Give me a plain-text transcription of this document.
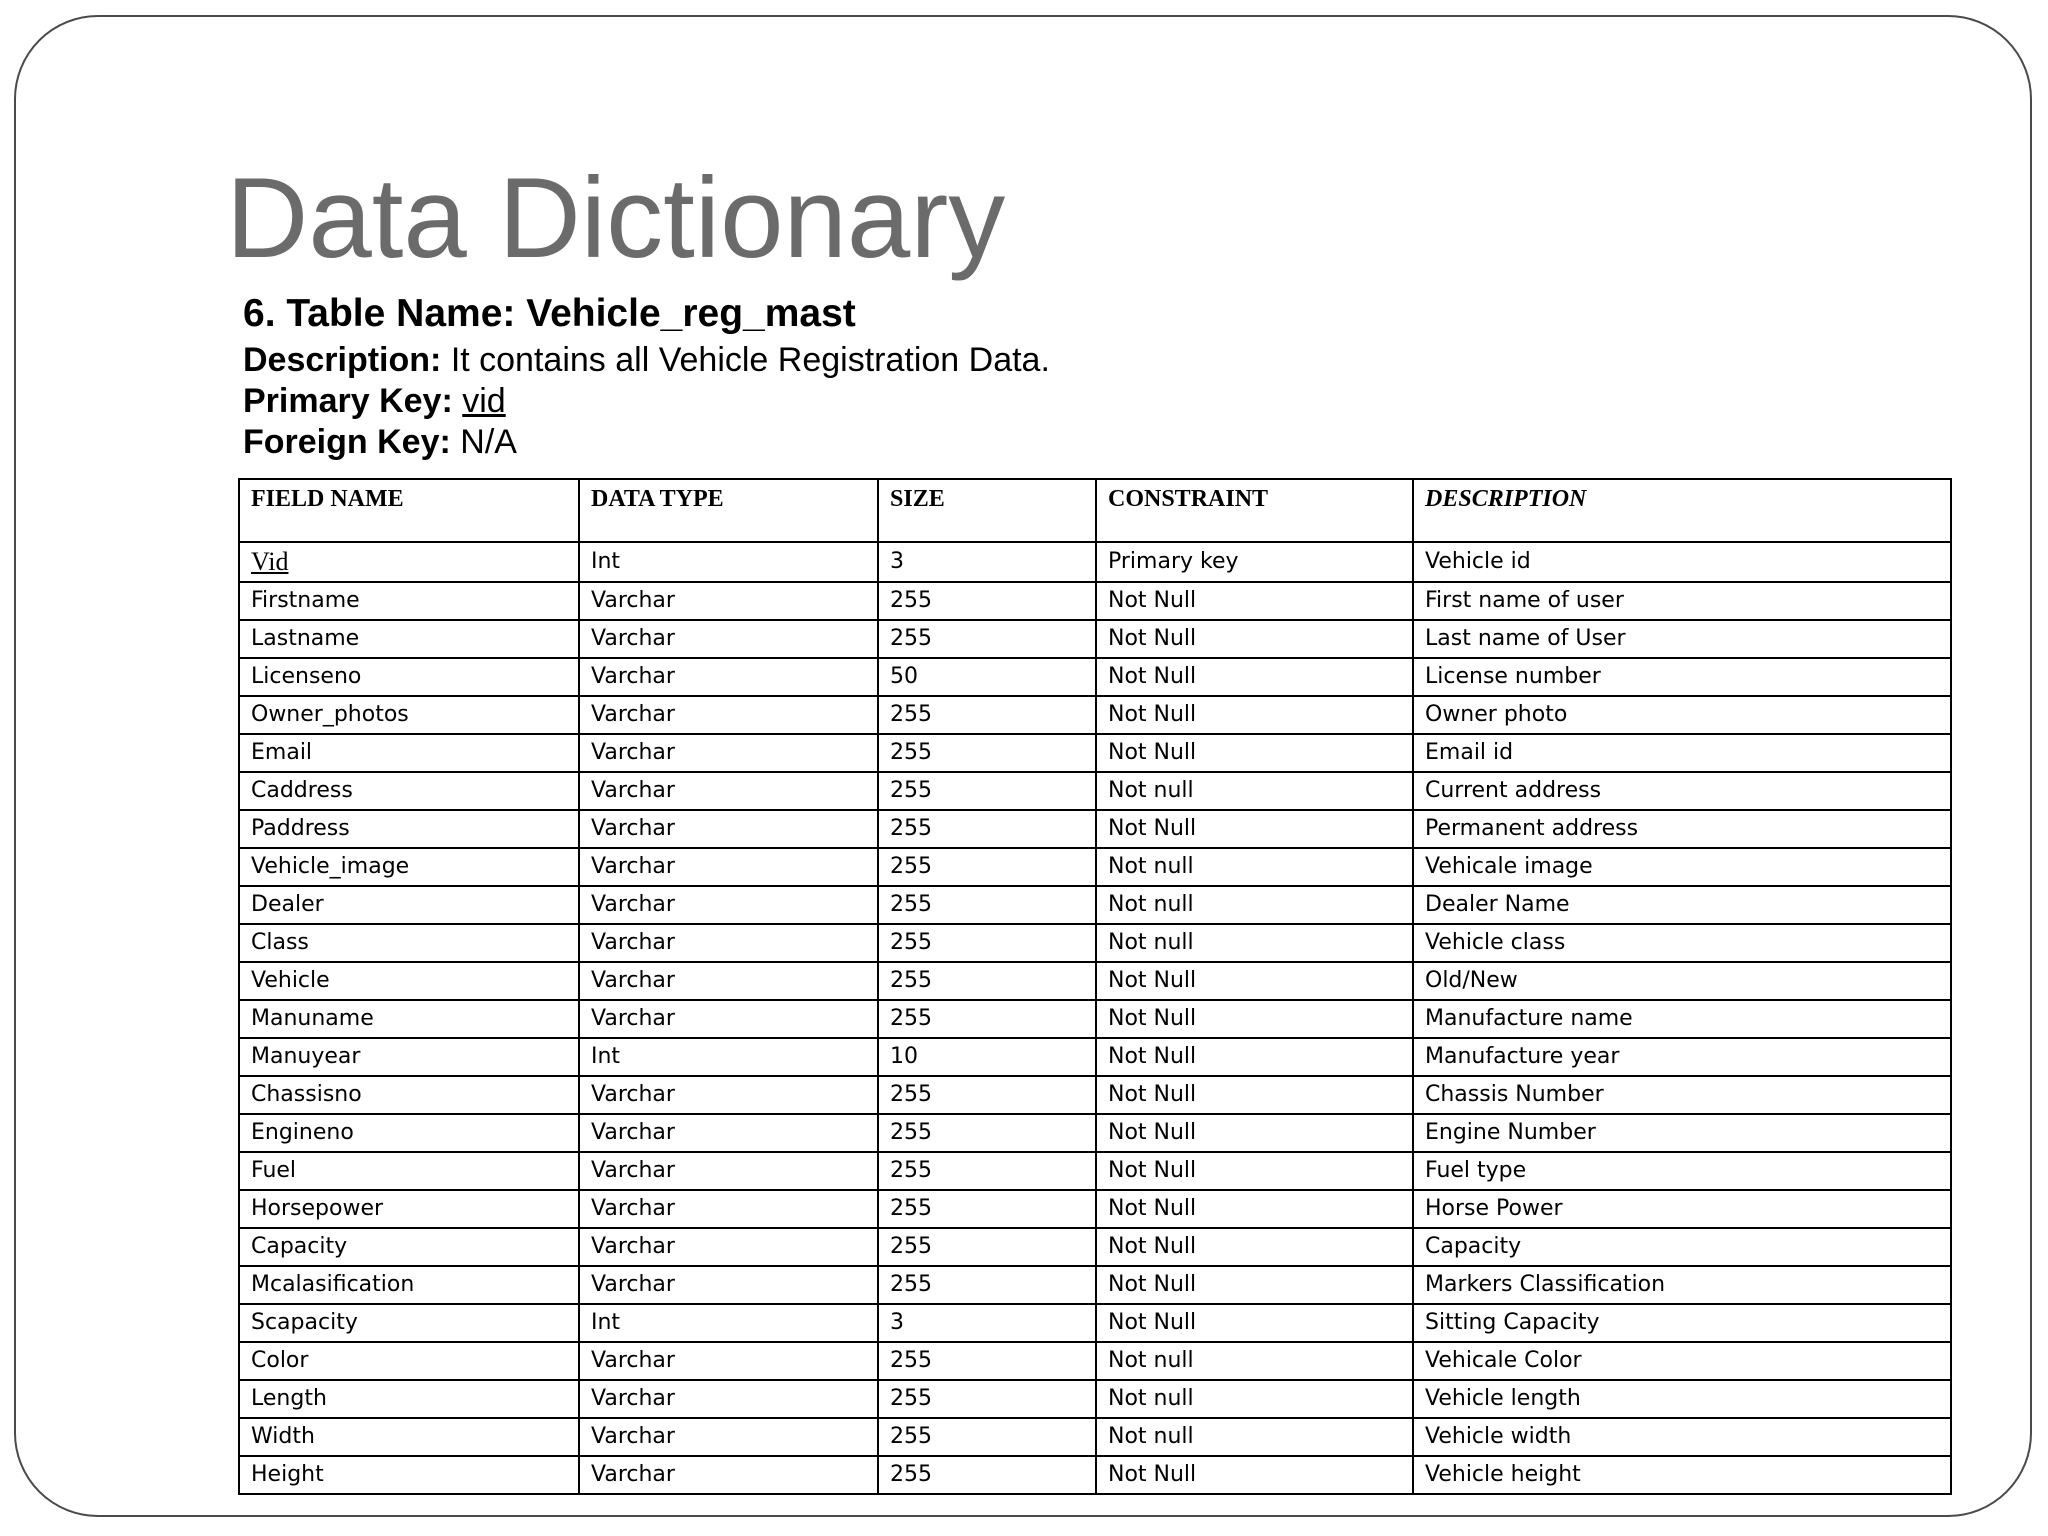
Data Dictionary
6. Table Name: Vehicle_reg_mast
Description: It contains all Vehicle Registration Data.
Primary Key: vid
Foreign Key: N/A
FIELD NAME	DATA TYPE	SIZE	CONSTRAINT	DESCRIPTION
Vid	Int	3	Primary key	Vehicle id
Firstname	Varchar	255	Not Null	First name of user
Lastname	Varchar	255	Not Null	Last name of User
Licenseno	Varchar	50	Not Null	License number
Owner_photos	Varchar	255	Not Null	Owner photo
Email	Varchar	255	Not Null	Email id
Caddress	Varchar	255	Not null	Current address
Paddress	Varchar	255	Not Null	Permanent address
Vehicle_image	Varchar	255	Not null	Vehicale image
Dealer	Varchar	255	Not null	Dealer Name
Class	Varchar	255	Not null	Vehicle class
Vehicle	Varchar	255	Not Null	Old/New
Manuname	Varchar	255	Not Null	Manufacture name
Manuyear	Int	10	Not Null	Manufacture year
Chassisno	Varchar	255	Not Null	Chassis Number
Engineno	Varchar	255	Not Null	Engine Number
Fuel	Varchar	255	Not Null	Fuel type
Horsepower	Varchar	255	Not Null	Horse Power
Capacity	Varchar	255	Not Null	Capacity
Mcalasification	Varchar	255	Not Null	Markers Classification
Scapacity	Int	3	Not Null	Sitting Capacity
Color	Varchar	255	Not null	Vehicale Color
Length	Varchar	255	Not null	Vehicle length
Width	Varchar	255	Not null	Vehicle width
Height	Varchar	255	Not Null	Vehicle height
